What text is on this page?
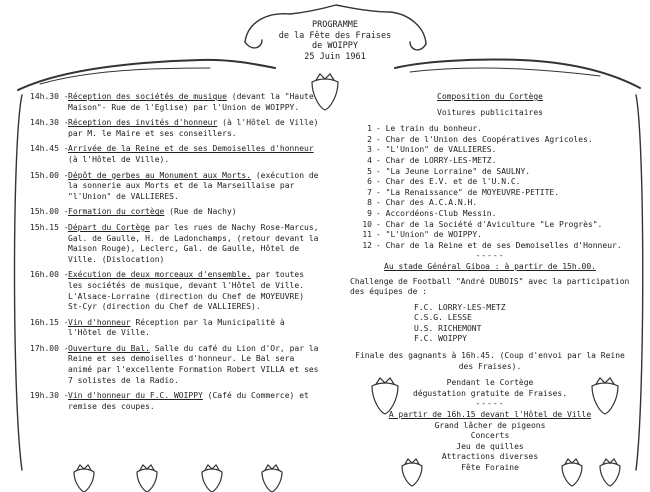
PROGRAMME
de la Fête des Fraises
de WOIPPY
25 Juin 1961
14h.30 - Réception des sociétés de musique (devant la "Haute Maison"- Rue de l'Eglise) par l'Union de WOIPPY.
14h.30 - Réception des invités d'honneur (à l'Hôtel de Ville) par M. le Maire et ses conseillers.
14h.45 - Arrivée de la Reine et de ses Demoiselles d'honneur (à l'Hôtel de Ville).
15h.00 - Dépôt de gerbes au Monument aux Morts. (exécution de la sonnerie aux Morts et de la Marseillaise par "l'Union" de VALLIERES.
15h.00 - Formation du cortège (Rue de Nachy)
15h.15 - Départ du Cortège par les rues de Nachy Rose-Marcus, Gal. de Gaulle, H. de Ladonchamps, (retour devant la Maison Rouge), Leclerc, Gal. de Gaulle, Hôtel de Ville. (Dislocation)
16h.00 - Exécution de deux morceaux d'ensemble. par toutes les sociétés de musique, devant l'Hôtel de Ville. L'Alsace-Lorraine (direction du Chef de MOYEUVRE) St-Cyr (direction du Chef de VALLIERES).
16h.15 - Vin d'honneur Réception par la Municipalité à l'Hôtel de Ville.
17h.00 - Ouverture du Bal. Salle du café du Lion d'Or, par la Reine et ses demoiselles d'honneur. Le Bal sera animé par l'excellente Formation Robert VILLA et ses 7 solistes de la Radio.
19h.30 - Vin d'honneur du F.C. WOIPPY (Café du Commerce) et remise des coupes.
Composition du Cortège
Voitures publicitaires
1 - Le train du bonheur.
2 - Char de l'Union des Coopératives Agricoles.
3 - "L'Union" de VALLIERES.
4 - Char de LORRY-LES-METZ.
5 - "La Jeune Lorraine" de SAULNY.
6 - Char des E.V. et de l'U.N.C.
7 - "La Renaissance" de MOYEUVRE-PETITE.
8 - Char des A.C.A.N.H.
9 - Accordéons-Club Messin.
10 - Char de la Société d'Aviculture "Le Progrès".
11 - "L'Union" de WOIPPY.
12 - Char de la Reine et de ses Demoiselles d'Honneur.
-----
Au stade Général Giboa : à partir de 15h.00.
Challenge de Football "André DUBOIS" avec la participation des équipes de :
F.C. LORRY-LES-METZ
C.S.G. LESSE
U.S. RICHEMONT
F.C. WOIPPY
Finale des gagnants à 16h.45. (Coup d'envoi par la Reine des Fraises).
Pendant le Cortège
dégustation gratuite de Fraises.
-----
A partir de 16h.15 devant l'Hôtel de Ville
Grand lâcher de pigeons
Concerts
Jeu de quilles
Attractions diverses
Fête Foraine
